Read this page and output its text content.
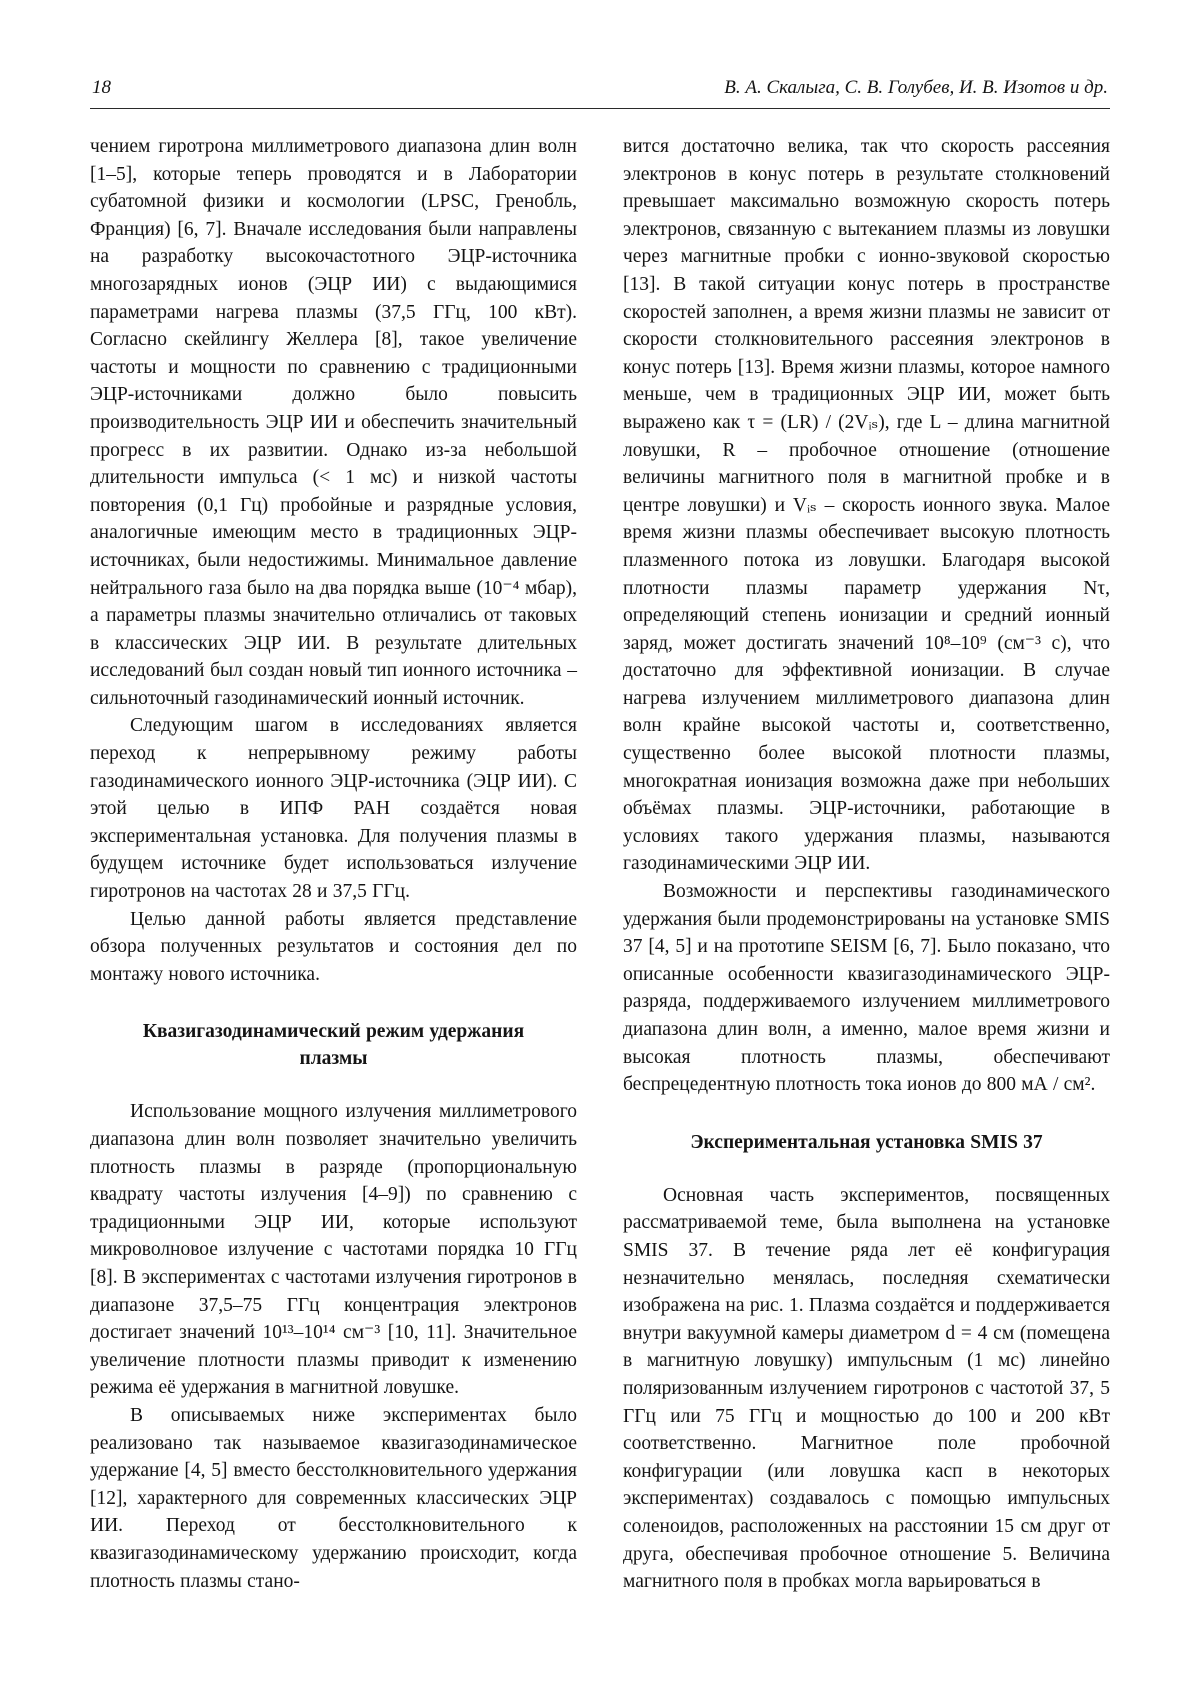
18	В. А. Скалыга, С. В. Голубев, И. В. Изотов и др.

чением гиротрона миллиметрового диапазона длин волн [1–5], которые теперь проводятся и в Лаборатории субатомной физики и космологии (LPSC, Гренобль, Франция) [6, 7]. Вначале исследования были направлены на разработку высокочастотного ЭЦР-источника многозарядных ионов (ЭЦР ИИ) с выдающимися параметрами нагрева плазмы (37,5 ГГц, 100 кВт). Согласно скейлингу Желлера [8], такое увеличение частоты и мощности по сравнению с традиционными ЭЦР-источниками должно было повысить производительность ЭЦР ИИ и обеспечить значительный прогресс в их развитии. Однако из-за небольшой длительности импульса (< 1 мс) и низкой частоты повторения (0,1 Гц) пробойные и разрядные условия, аналогичные имеющим место в традиционных ЭЦР-источниках, были недостижимы. Минимальное давление нейтрального газа было на два порядка выше (10⁻⁴ мбар), а параметры плазмы значительно отличались от таковых в классических ЭЦР ИИ. В результате длительных исследований был создан новый тип ионного источника – сильноточный газодинамический ионный источник.

Следующим шагом в исследованиях является переход к непрерывному режиму работы газодинамического ионного ЭЦР-источника (ЭЦР ИИ). С этой целью в ИПФ РАН создаётся новая экспериментальная установка. Для получения плазмы в будущем источнике будет использоваться излучение гиротронов на частотах 28 и 37,5 ГГц.

Целью данной работы является представление обзора полученных результатов и состояния дел по монтажу нового источника.

Квазигазодинамический режим удержания плазмы

Использование мощного излучения миллиметрового диапазона длин волн позволяет значительно увеличить плотность плазмы в разряде (пропорциональную квадрату частоты излучения [4–9]) по сравнению с традиционными ЭЦР ИИ, которые используют микроволновое излучение с частотами порядка 10 ГГц [8]. В экспериментах с частотами излучения гиротронов в диапазоне 37,5–75 ГГц концентрация электронов достигает значений 10¹³–10¹⁴ см⁻³ [10, 11]. Значительное увеличение плотности плазмы приводит к изменению режима её удержания в магнитной ловушке.

В описываемых ниже экспериментах было реализовано так называемое квазигазодинамическое удержание [4, 5] вместо бесстолкновительного удержания [12], характерного для современных классических ЭЦР ИИ. Переход от бесстолкновительного к квазигазодинамическому удержанию происходит, когда плотность плазмы стано-

вится достаточно велика, так что скорость рассеяния электронов в конус потерь в результате столкновений превышает максимально возможную скорость потерь электронов, связанную с вытеканием плазмы из ловушки через магнитные пробки с ионно-звуковой скоростью [13]. В такой ситуации конус потерь в пространстве скоростей заполнен, а время жизни плазмы не зависит от скорости столкновительного рассеяния электронов в конус потерь [13]. Время жизни плазмы, которое намного меньше, чем в традиционных ЭЦР ИИ, может быть выражено как τ = (LR) / (2Vᵢₛ), где L – длина магнитной ловушки, R – пробочное отношение (отношение величины магнитного поля в магнитной пробке и в центре ловушки) и Vᵢₛ – скорость ионного звука. Малое время жизни плазмы обеспечивает высокую плотность плазменного потока из ловушки. Благодаря высокой плотности плазмы параметр удержания Nτ, определяющий степень ионизации и средний ионный заряд, может достигать значений 10⁸–10⁹ (см⁻³ с), что достаточно для эффективной ионизации. В случае нагрева излучением миллиметрового диапазона длин волн крайне высокой частоты и, соответственно, существенно более высокой плотности плазмы, многократная ионизация возможна даже при небольших объёмах плазмы. ЭЦР-источники, работающие в условиях такого удержания плазмы, называются газодинамическими ЭЦР ИИ.

Возможности и перспективы газодинамического удержания были продемонстрированы на установке SMIS 37 [4, 5] и на прототипе SEISM [6, 7]. Было показано, что описанные особенности квазигазодинамического ЭЦР-разряда, поддерживаемого излучением миллиметрового диапазона длин волн, а именно, малое время жизни и высокая плотность плазмы, обеспечивают беспрецедентную плотность тока ионов до 800 мА / см².

Экспериментальная установка SMIS 37

Основная часть экспериментов, посвященных рассматриваемой теме, была выполнена на установке SMIS 37. В течение ряда лет её конфигурация незначительно менялась, последняя схематически изображена на рис. 1. Плазма создаётся и поддерживается внутри вакуумной камеры диаметром d = 4 см (помещена в магнитную ловушку) импульсным (1 мс) линейно поляризованным излучением гиротронов с частотой 37, 5 ГГц или 75 ГГц и мощностью до 100 и 200 кВт соответственно. Магнитное поле пробочной конфигурации (или ловушка касп в некоторых экспериментах) создавалось с помощью импульсных соленоидов, расположенных на расстоянии 15 см друг от друга, обеспечивая пробочное отношение 5. Величина магнитного поля в пробках могла варьироваться в
